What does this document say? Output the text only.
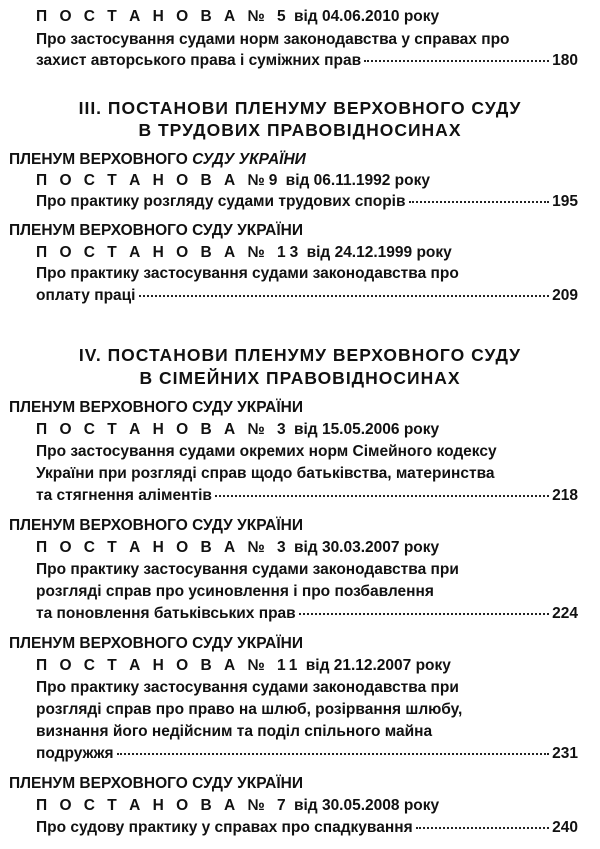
П О С Т А Н О В А № 5 від 04.06.2010 року
Про застосування судами норм законодавства у справах про
захист авторського права і суміжних прав	180
III. ПОСТАНОВИ ПЛЕНУМУ ВЕРХОВНОГО СУДУ
В ТРУДОВИХ ПРАВОВІДНОСИНАХ
ПЛЕНУМ ВЕРХОВНОГО СУДУ УКРАЇНИ
П О С Т А Н О В А №9 від 06.11.1992 року
Про практику розгляду судами трудових спорів	195
ПЛЕНУМ ВЕРХОВНОГО СУДУ УКРАЇНИ
П О С Т А Н О В А № 13 від 24.12.1999 року
Про практику застосування судами законодавства про
оплату праці	209
IV. ПОСТАНОВИ ПЛЕНУМУ ВЕРХОВНОГО СУДУ
В СІМЕЙНИХ ПРАВОВІДНОСИНАХ
ПЛЕНУМ ВЕРХОВНОГО СУДУ УКРАЇНИ
П О С Т А Н О В А № 3 від 15.05.2006 року
Про застосування судами окремих норм Сімейного кодексу
України при розгляді справ щодо батьківства, материнства
та стягнення аліментів	218
ПЛЕНУМ ВЕРХОВНОГО СУДУ УКРАЇНИ
П О С Т А Н О В А № 3 від 30.03.2007 року
Про практику застосування судами законодавства при
розгляді справ про усиновлення і про позбавлення
та поновлення батьківських прав	224
ПЛЕНУМ ВЕРХОВНОГО СУДУ УКРАЇНИ
П О С Т А Н О В А № 11 від 21.12.2007 року
Про практику застосування судами законодавства при
розгляді справ про право на шлюб, розірвання шлюбу,
визнання його недійсним та поділ спільного майна
подружжя	231
ПЛЕНУМ ВЕРХОВНОГО СУДУ УКРАЇНИ
П О С Т А Н О В А № 7 від 30.05.2008 року
Про судову практику у справах про спадкування	240
